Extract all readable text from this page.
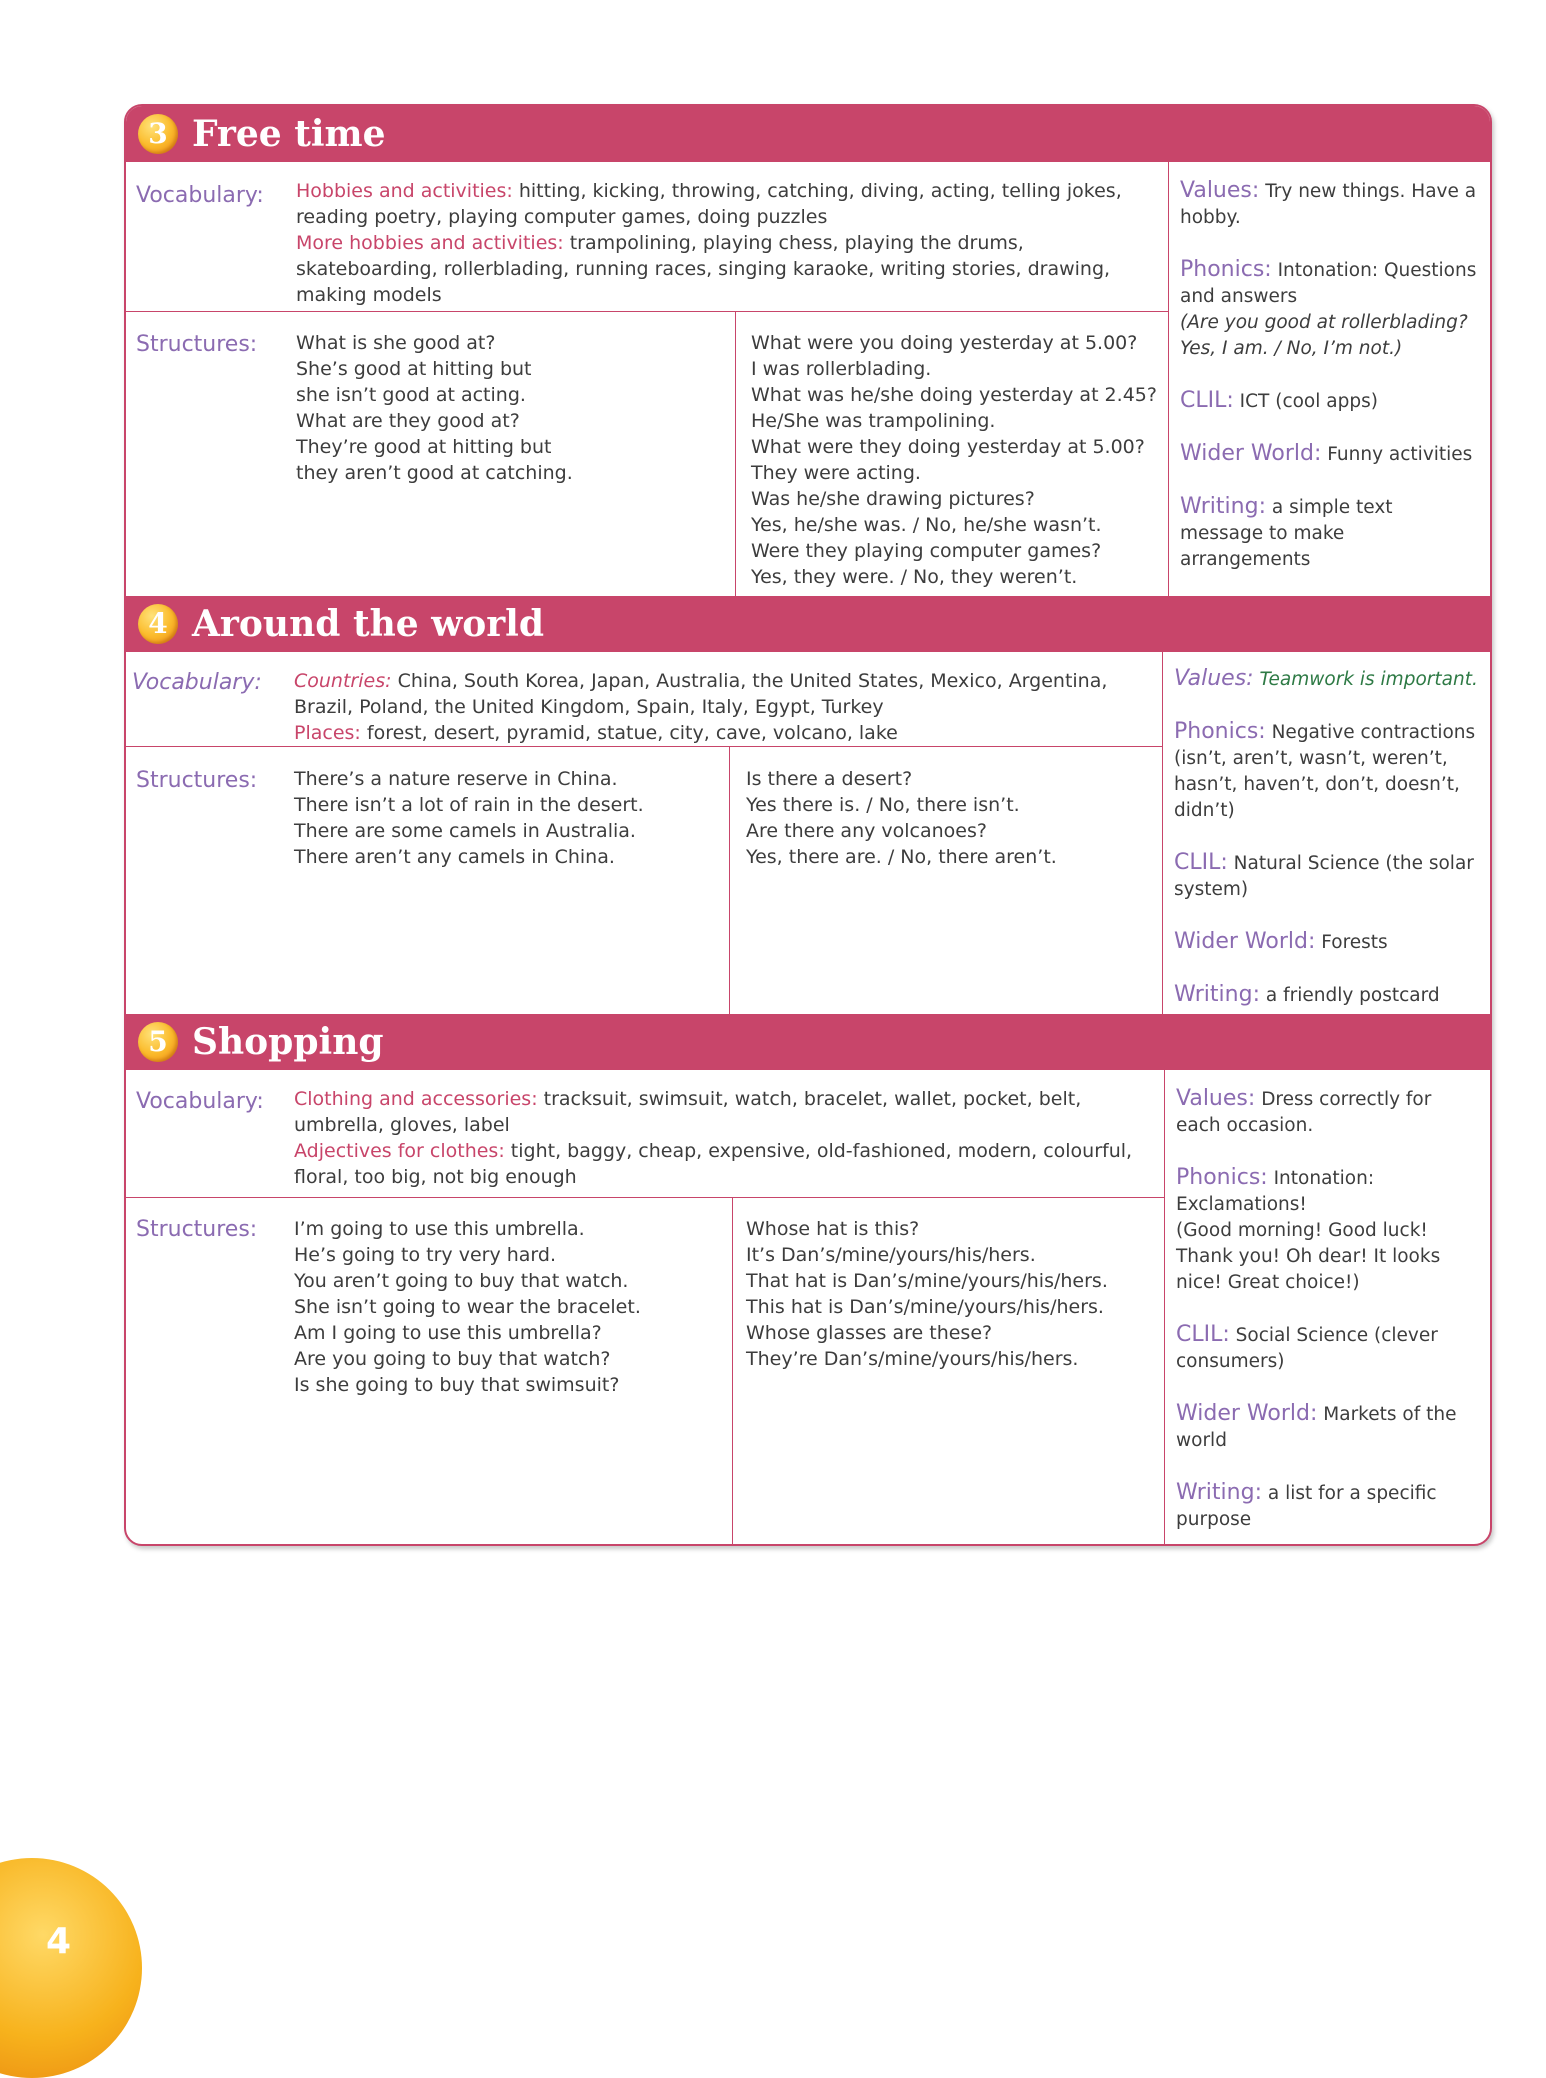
3 Free time
Vocabulary: Hobbies and activities: hitting, kicking, throwing, catching, diving, acting, telling jokes, reading poetry, playing computer games, doing puzzles

More hobbies and activities: trampolining, playing chess, playing the drums, skateboarding, rollerblading, running races, singing karaoke, writing stories, drawing, making models

Structures: What is she good at?
She’s good at hitting but
she isn’t good at acting.
What are they good at?
They’re good at hitting but
they aren’t good at catching.
What were you doing yesterday at 5.00?
I was rollerblading.
What was he/she doing yesterday at 2.45?
He/She was trampolining.
What were they doing yesterday at 5.00?
They were acting.
Was he/she drawing pictures?
Yes, he/she was. / No, he/she wasn’t.
Were they playing computer games?
Yes, they were. / No, they weren’t.
Values: Try new things. Have a hobby.
Phonics: Intonation: Questions and answers
(Are you good at rollerblading? Yes, I am. / No, I’m not.)
CLIL: ICT (cool apps)
Wider World: Funny activities
Writing: a simple text message to make arrangements
4 Around the world
Vocabulary: Countries: China, South Korea, Japan, Australia, the United States, Mexico, Argentina, Brazil, Poland, the United Kingdom, Spain, Italy, Egypt, Turkey

Places: forest, desert, pyramid, statue, city, cave, volcano, lake

Structures: There’s a nature reserve in China.
There isn’t a lot of rain in the desert.
There are some camels in Australia.
There aren’t any camels in China.
Is there a desert?
Yes there is. / No, there isn’t.
Are there any volcanoes?
Yes, there are. / No, there aren’t.
Values: Teamwork is important.
Phonics: Negative contractions
(isn’t, aren’t, wasn’t, weren’t, hasn’t, haven’t, don’t, doesn’t, didn’t)
CLIL: Natural Science (the solar system)
Wider World: Forests
Writing: a friendly postcard
5 Shopping
Vocabulary: Clothing and accessories: tracksuit, swimsuit, watch, bracelet, wallet, pocket, belt, umbrella, gloves, label

Adjectives for clothes: tight, baggy, cheap, expensive, old-fashioned, modern, colourful, floral, too big, not big enough

Structures: I’m going to use this umbrella.
He’s going to try very hard.
You aren’t going to buy that watch.
She isn’t going to wear the bracelet.
Am I going to use this umbrella?
Are you going to buy that watch?
Is she going to buy that swimsuit?
Whose hat is this?
It’s Dan’s/mine/yours/his/hers.
That hat is Dan’s/mine/yours/his/hers.
This hat is Dan’s/mine/yours/his/hers.
Whose glasses are these?
They’re Dan’s/mine/yours/his/hers.
Values: Dress correctly for each occasion.
Phonics: Intonation: Exclamations!
(Good morning! Good luck! Thank you! Oh dear! It looks nice! Great choice!)
CLIL: Social Science (clever consumers)
Wider World: Markets of the world
Writing: a list for a specific purpose
4
